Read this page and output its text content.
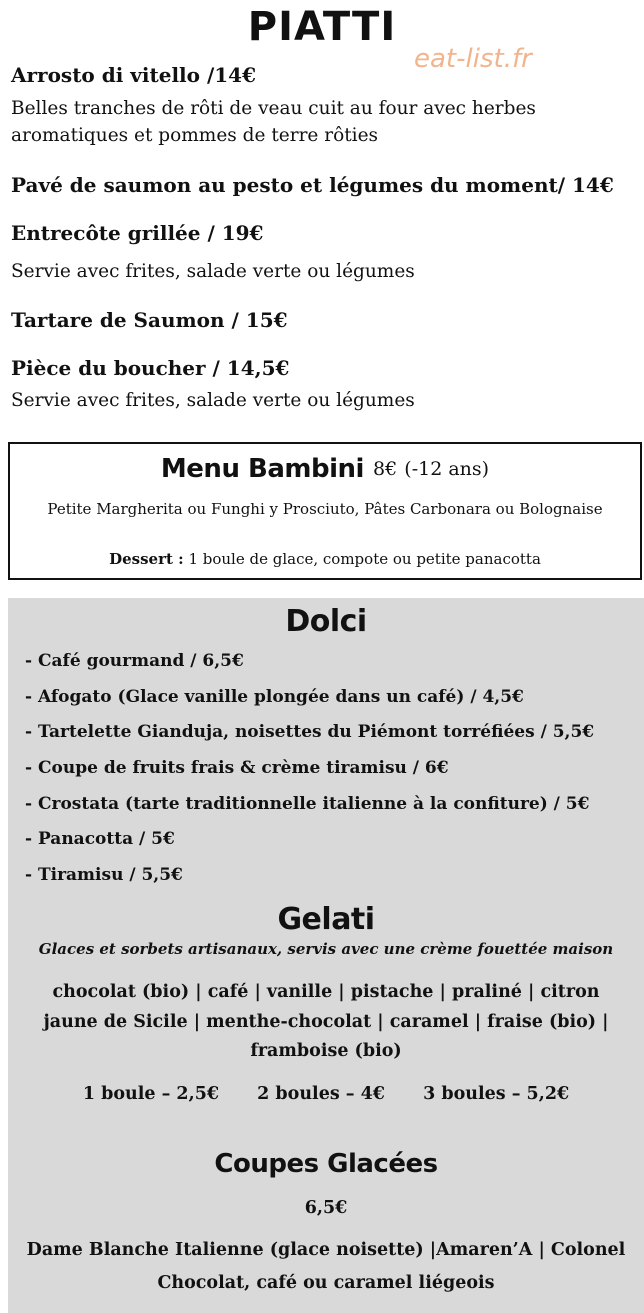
PIATTI
eat-list.fr
Arrosto di vitello /14€
Belles tranches de rôti de veau cuit au four avec herbes aromatiques et pommes de terre rôties
Pavé de saumon au pesto et légumes du moment/ 14€
Entrecôte grillée / 19€
Servie avec frites, salade verte ou légumes
Tartare de Saumon / 15€
Pièce du boucher / 14,5€
Servie avec frites, salade verte ou légumes
Menu Bambini 8€ (-12 ans)
Petite Margherita ou Funghi y Prosciuto, Pâtes Carbonara ou Bolognaise
Dessert : 1 boule de glace, compote ou petite panacotta
Dolci
- Café gourmand / 6,5€
- Afogato (Glace vanille plongée dans un café) / 4,5€
- Tartelette Gianduja, noisettes du Piémont torréfiées / 5,5€
- Coupe de fruits frais & crème tiramisu / 6€
- Crostata (tarte traditionnelle italienne à la confiture) / 5€
- Panacotta / 5€
- Tiramisu / 5,5€
Gelati
Glaces et sorbets artisanaux, servis avec une crème fouettée maison
chocolat (bio) | café | vanille | pistache | praliné | citron jaune de Sicile | menthe-chocolat | caramel | fraise (bio) | framboise (bio)
1 boule – 2,5€ 2 boules – 4€ 3 boules – 5,2€
Coupes Glacées
6,5€
Dame Blanche Italienne (glace noisette) |Amaren’A | Colonel Chocolat, café ou caramel liégeois
